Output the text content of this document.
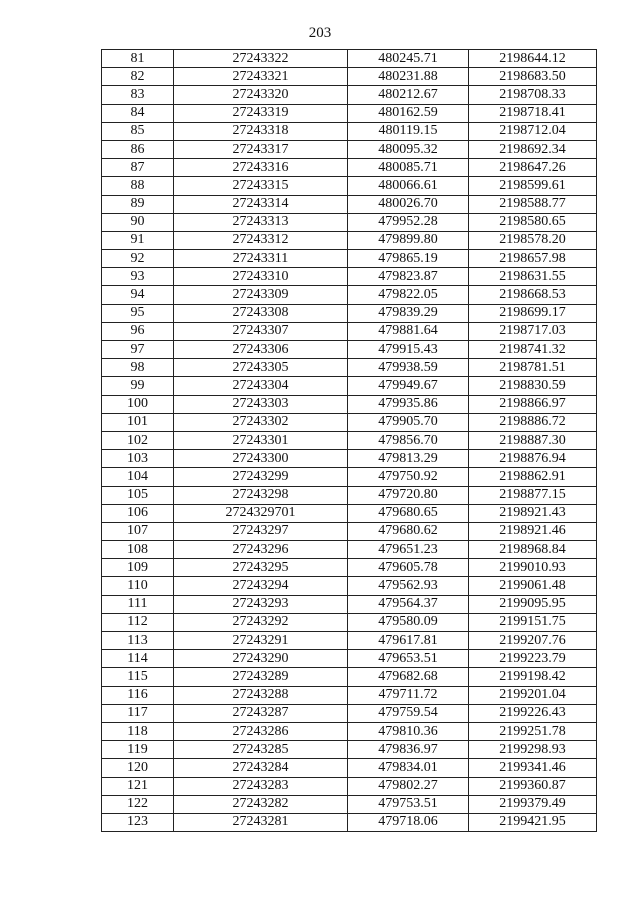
203
81	27243322	480245.71	2198644.12
82	27243321	480231.88	2198683.50
83	27243320	480212.67	2198708.33
84	27243319	480162.59	2198718.41
85	27243318	480119.15	2198712.04
86	27243317	480095.32	2198692.34
87	27243316	480085.71	2198647.26
88	27243315	480066.61	2198599.61
89	27243314	480026.70	2198588.77
90	27243313	479952.28	2198580.65
91	27243312	479899.80	2198578.20
92	27243311	479865.19	2198657.98
93	27243310	479823.87	2198631.55
94	27243309	479822.05	2198668.53
95	27243308	479839.29	2198699.17
96	27243307	479881.64	2198717.03
97	27243306	479915.43	2198741.32
98	27243305	479938.59	2198781.51
99	27243304	479949.67	2198830.59
100	27243303	479935.86	2198866.97
101	27243302	479905.70	2198886.72
102	27243301	479856.70	2198887.30
103	27243300	479813.29	2198876.94
104	27243299	479750.92	2198862.91
105	27243298	479720.80	2198877.15
106	2724329701	479680.65	2198921.43
107	27243297	479680.62	2198921.46
108	27243296	479651.23	2198968.84
109	27243295	479605.78	2199010.93
110	27243294	479562.93	2199061.48
111	27243293	479564.37	2199095.95
112	27243292	479580.09	2199151.75
113	27243291	479617.81	2199207.76
114	27243290	479653.51	2199223.79
115	27243289	479682.68	2199198.42
116	27243288	479711.72	2199201.04
117	27243287	479759.54	2199226.43
118	27243286	479810.36	2199251.78
119	27243285	479836.97	2199298.93
120	27243284	479834.01	2199341.46
121	27243283	479802.27	2199360.87
122	27243282	479753.51	2199379.49
123	27243281	479718.06	2199421.95
